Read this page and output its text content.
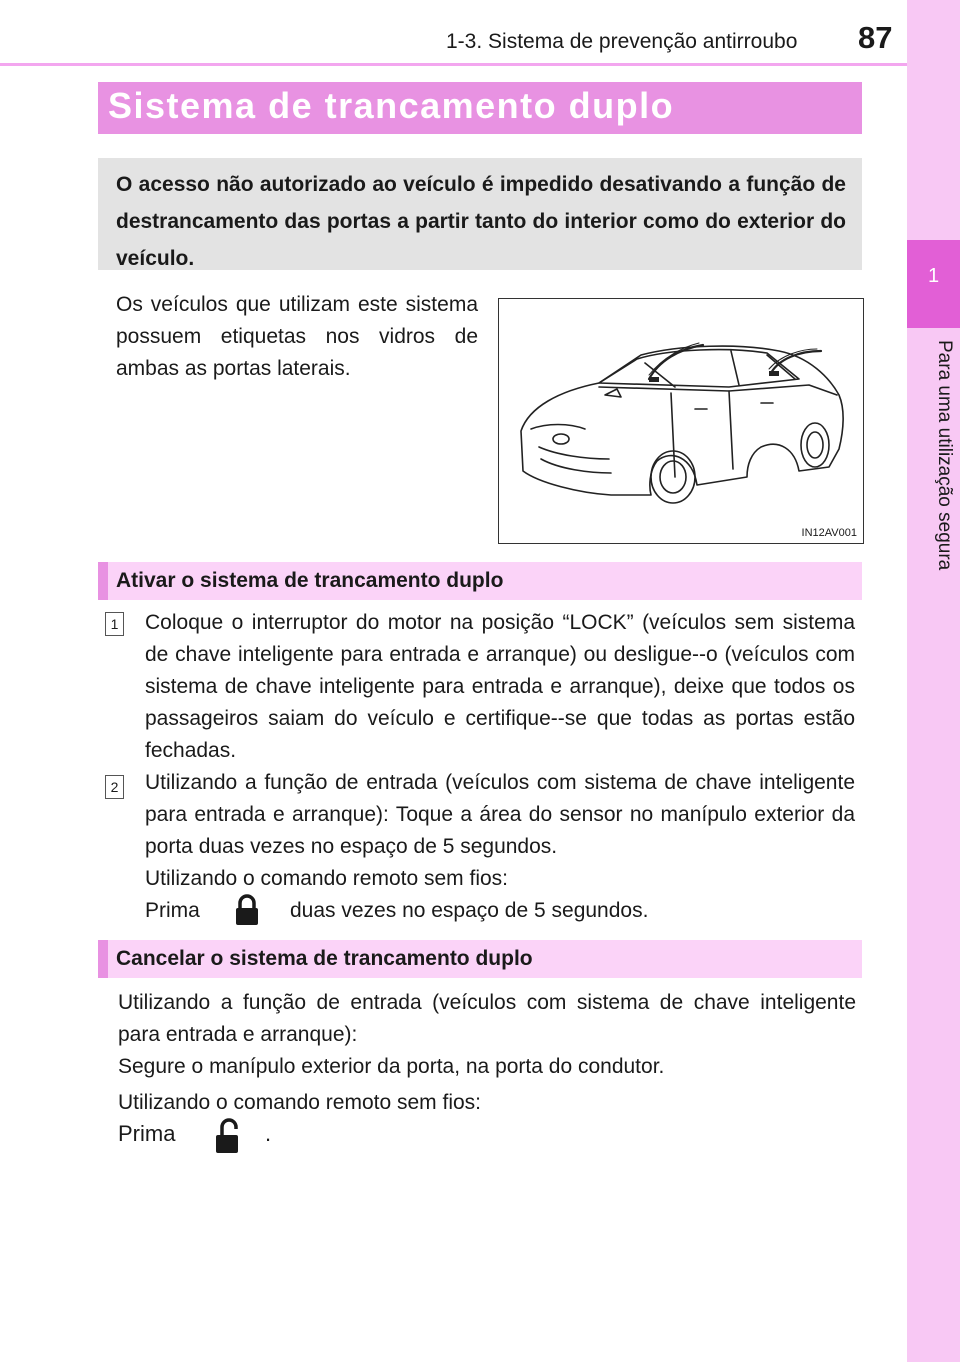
1-3. Sistema de prevenção antirroubo 87
1
Para uma utilização segura
Sistema de trancamento duplo
O acesso não autorizado ao veículo é impedido desativando a função de destrancamento das portas a partir tanto do interior como do exterior do veículo.
Os veículos que utilizam este sistema possuem etiquetas nos vidros de ambas as portas laterais.
IN12AV001
Ativar o sistema de trancamento duplo
1 Coloque o interruptor do motor na posição “LOCK” (veículos sem sistema de chave inteligente para entrada e arranque) ou desligue--o (veículos com sistema de chave inteligente para entrada e arranque), deixe que todos os passageiros saiam do veículo e certifique--se que todas as portas estão fechadas.
2 Utilizando a função de entrada (veículos com sistema de chave inteligente para entrada e arranque): Toque a área do sensor no manípulo exterior da porta duas vezes no espaço de 5 segundos.
Utilizando o comando remoto sem fios:
Prima	duas vezes no espaço de 5 segundos.
Cancelar o sistema de trancamento duplo
Utilizando a função de entrada (veículos com sistema de chave inteligente para entrada e arranque):
Segure o manípulo exterior da porta, na porta do condutor.
Utilizando o comando remoto sem fios:
Prima	.
